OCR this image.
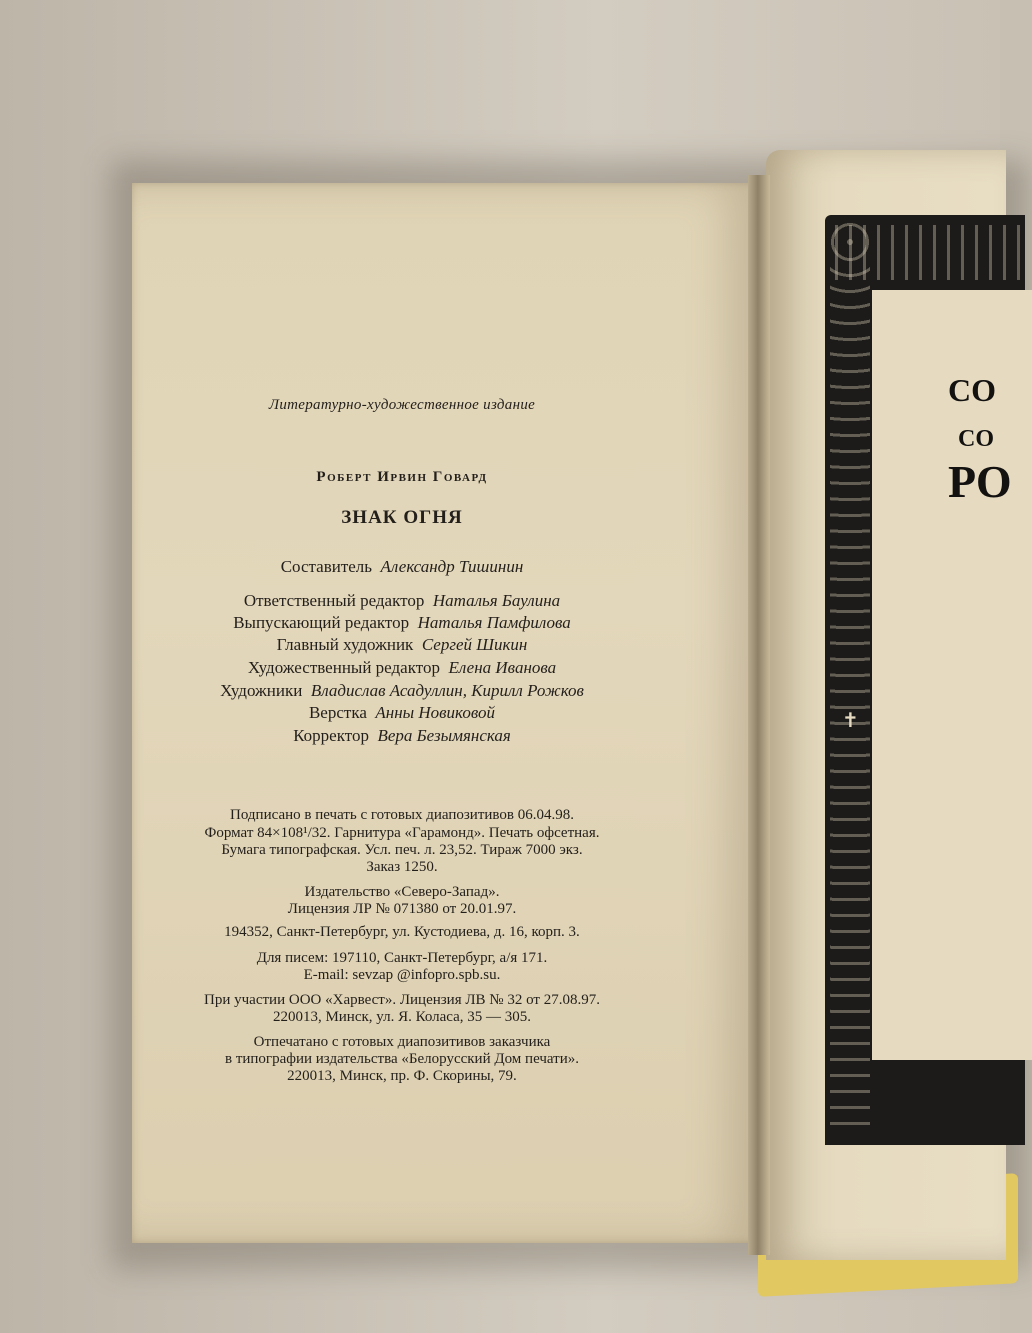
✝
СО
СО
РО
Литературно-художественное издание
Роберт Ирвин Говард
ЗНАК ОГНЯ
Составитель Александр Тишинин
Ответственный редактор Наталья Баулина
Выпускающий редактор Наталья Памфилова
Главный художник Сергей Шикин
Художественный редактор Елена Иванова
Художники Владислав Асадуллин, Кирилл Рожков
Верстка Анны Новиковой
Корректор Вера Безымянская
Подписано в печать с готовых диапозитивов 06.04.98.
Формат 84×108¹/32. Гарнитура «Гарамонд». Печать офсетная.
Бумага типографская. Усл. печ. л. 23,52. Тираж 7000 экз.
Заказ 1250.
Издательство «Северо-Запад».
Лицензия ЛР № 071380 от 20.01.97.
194352, Санкт-Петербург, ул. Кустодиева, д. 16, корп. 3.
Для писем: 197110, Санкт-Петербург, а/я 171.
E-mail: sevzap @infopro.spb.su.
При участии ООО «Харвест». Лицензия ЛВ № 32 от 27.08.97.
220013, Минск, ул. Я. Коласа, 35 — 305.
Отпечатано с готовых диапозитивов заказчика
в типографии издательства «Белорусский Дом печати».
220013, Минск, пр. Ф. Скорины, 79.
